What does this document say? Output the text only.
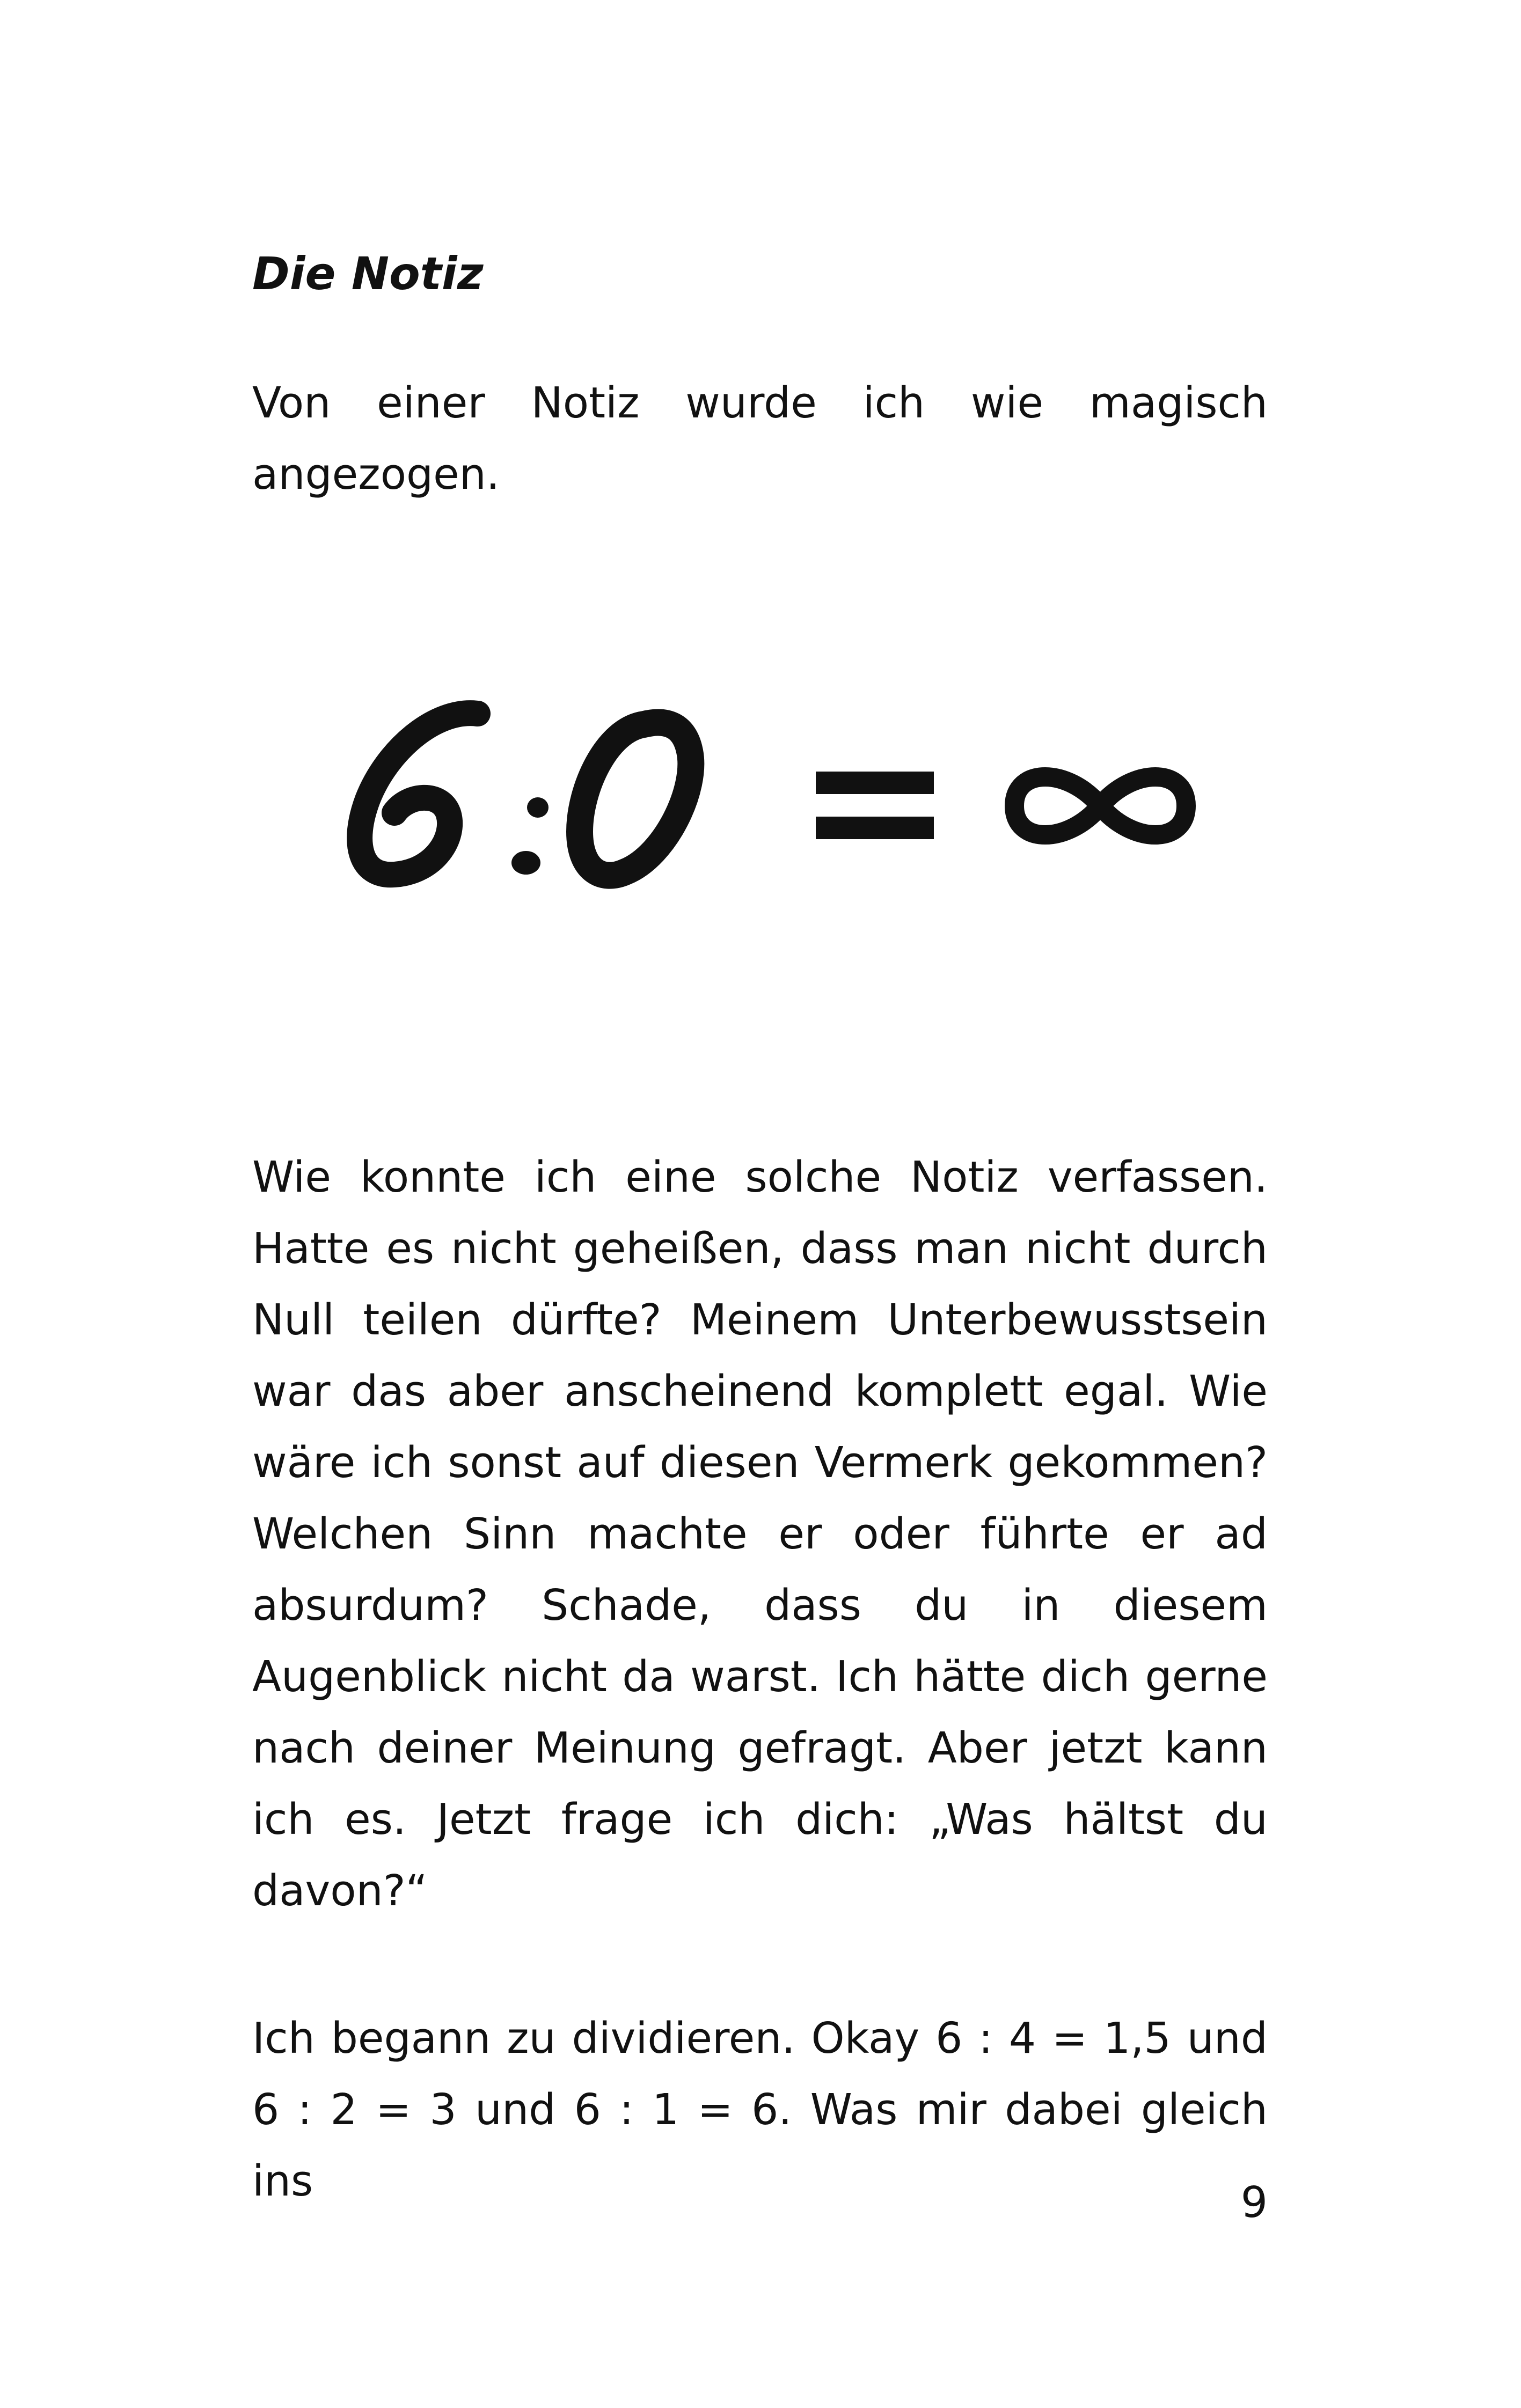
Die Notiz

Von einer Notiz wurde ich wie magisch angezogen.

Wie konnte ich eine solche Notiz verfassen. Hatte es nicht geheißen, dass man nicht durch Null teilen dürfte? Meinem Unterbewusstsein war das aber anscheinend komplett egal. Wie wäre ich sonst auf diesen Vermerk gekommen? Welchen Sinn machte er oder führte er ad absurdum? Schade, dass du in diesem Augenblick nicht da warst. Ich hätte dich gerne nach deiner Meinung gefragt. Aber jetzt kann ich es. Jetzt frage ich dich: „Was hältst du davon?“

Ich begann zu dividieren. Okay 6 : 4 = 1,5 und 6 : 2 = 3 und 6 : 1 = 6. Was mir dabei gleich ins	9
